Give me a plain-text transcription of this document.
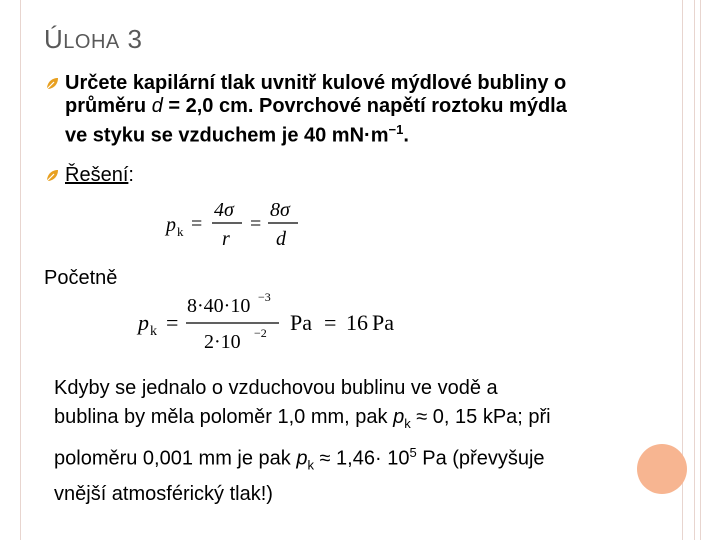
ÚLOHA 3
Určete kapilární tlak uvnitř kulové mýdlové bubliny o
průměru d = 2,0 cm. Povrchové napětí roztoku mýdla
ve styku se vzduchem je 40 $mN\cdot m^{-1}$.
Řešení:
p k =
4σ
r
=
8σ
d
Početně
p k =
8·40·10 −3
2·10 −2 Pa = 16 Pa
Kdyby se jednalo o vzduchovou bublinu ve vodě a
bublina by měla poloměr 1,0 mm, pak $p_k \approx 0$, 15 kPa; při
poloměru 0,001 mm je pak $p_k \approx 1,46\cdot 10^5$ Pa (převyšuje
vnější atmosférický tlak!)
